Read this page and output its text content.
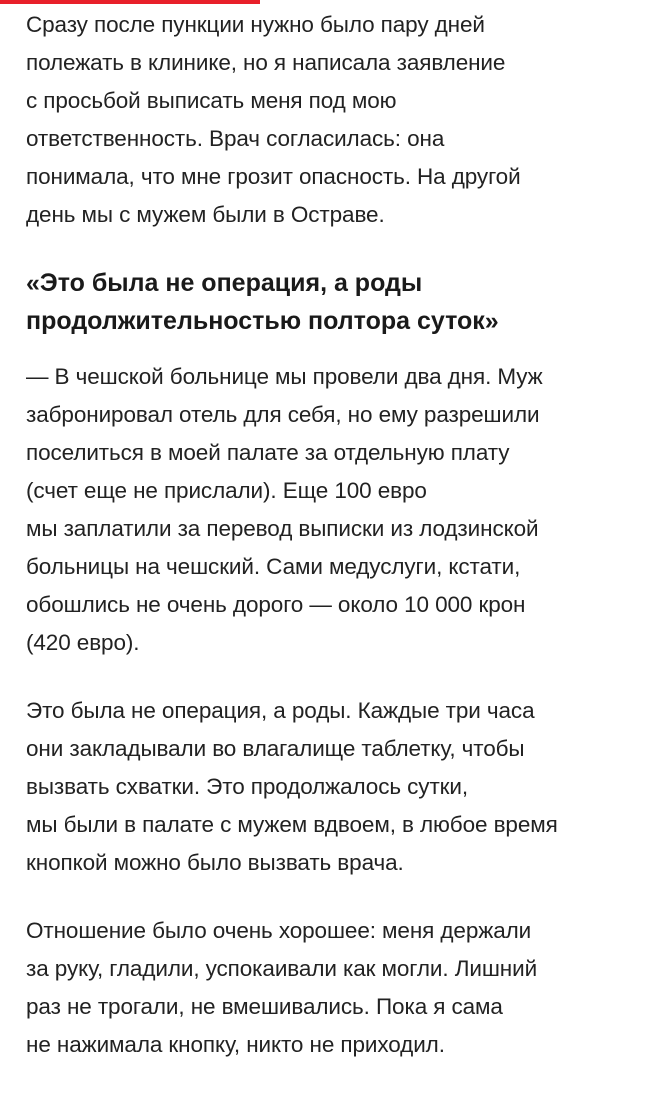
Сразу после пункции нужно было пару дней
полежать в клинике, но я написала заявление
с просьбой выписать меня под мою
ответственность. Врач согласилась: она
понимала, что мне грозит опасность. На другой
день мы с мужем были в Остраве.

«Это была не операция, а роды
продолжительностью полтора суток»

— В чешской больнице мы провели два дня. Муж
забронировал отель для себя, но ему разрешили
поселиться в моей палате за отдельную плату
(счет еще не прислали). Еще 100 евро
мы заплатили за перевод выписки из лодзинской
больницы на чешский. Сами медуслуги, кстати,
обошлись не очень дорого — около 10 000 крон
(420 евро).

Это была не операция, а роды. Каждые три часа
они закладывали во влагалище таблетку, чтобы
вызвать схватки. Это продолжалось сутки,
мы были в палате с мужем вдвоем, в любое время
кнопкой можно было вызвать врача.

Отношение было очень хорошее: меня держали
за руку, гладили, успокаивали как могли. Лишний
раз не трогали, не вмешивались. Пока я сама
не нажимала кнопку, никто не приходил.
